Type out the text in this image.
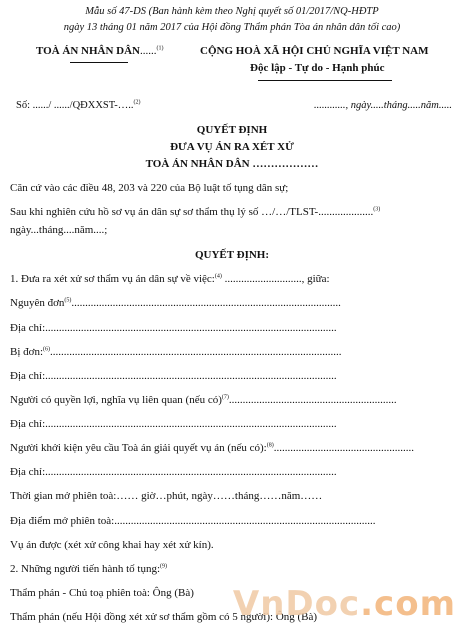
Mẫu số 47-DS (Ban hành kèm theo Nghị quyết số 01/2017/NQ-HĐTP
ngày 13 tháng 01 năm 2017 của Hội đồng Thẩm phán Tòa án nhân dân tối cao)
TOÀ ÁN NHÂN DÂN......$^{(1)}$	CỘNG HOÀ XÃ HỘI CHỦ NGHĨA VIỆT NAM
Độc lập - Tự do - Hạnh phúc
Số: ....../ ....../QĐXXST-…..$^{(2)}$	............, ngày.....tháng.....năm.....
QUYẾT ĐỊNH
ĐƯA VỤ ÁN RA XÉT XỬ
TOÀ ÁN NHÂN DÂN ………………
Căn cứ vào các điều 48, 203 và 220 của Bộ luật tố tụng dân sự;
Sau khi nghiên cứu hồ sơ vụ án dân sự sơ thẩm thụ lý số …/…/TLST-....................$^{(3)}$
ngày...tháng....năm....;
QUYẾT ĐỊNH:
1. Đưa ra xét xử sơ thẩm vụ án dân sự về việc:$^{(4)}$ ............................, giữa:
Nguyên đơn$^{(5)}$..................................................................................................
Địa chỉ:..........................................................................................................
Bị đơn:$^{(6)}$..........................................................................................................
Địa chỉ:..........................................................................................................
Người có quyền lợi, nghĩa vụ liên quan (nếu có)$^{(7)}$.............................................................
Địa chỉ:..........................................................................................................
Người khởi kiện yêu cầu Toà án giải quyết vụ án (nếu có):$^{(8)}$...................................................
Địa chỉ:..........................................................................................................
Thời gian mở phiên toà:…… giờ…phút, ngày……tháng……năm……
Địa điểm mở phiên toà:...............................................................................................
Vụ án được (xét xử công khai hay xét xử kín).
2. Những người tiến hành tố tụng:$^{(9)}$
Thẩm phán - Chủ toạ phiên toà: Ông (Bà)
Thẩm phán (nếu Hội đồng xét xử sơ thẩm gồm có 5 người): Ông (Bà)
VnDoc.com
